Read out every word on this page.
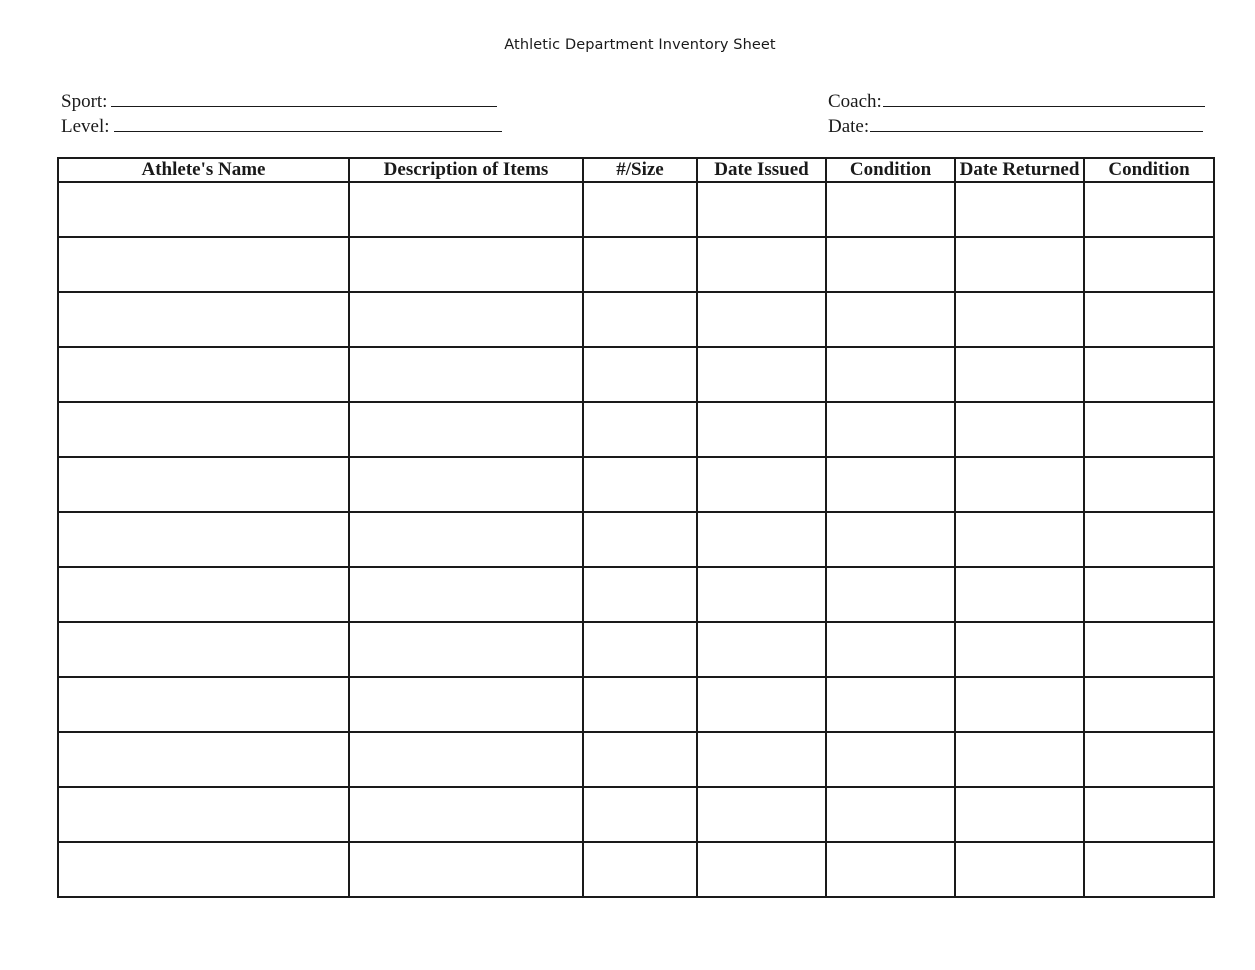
Athletic Department Inventory Sheet
Sport:
Level:
Coach:
Date:
Athlete's Name	Description of Items	#/Size	Date Issued	Condition	Date Returned	Condition
